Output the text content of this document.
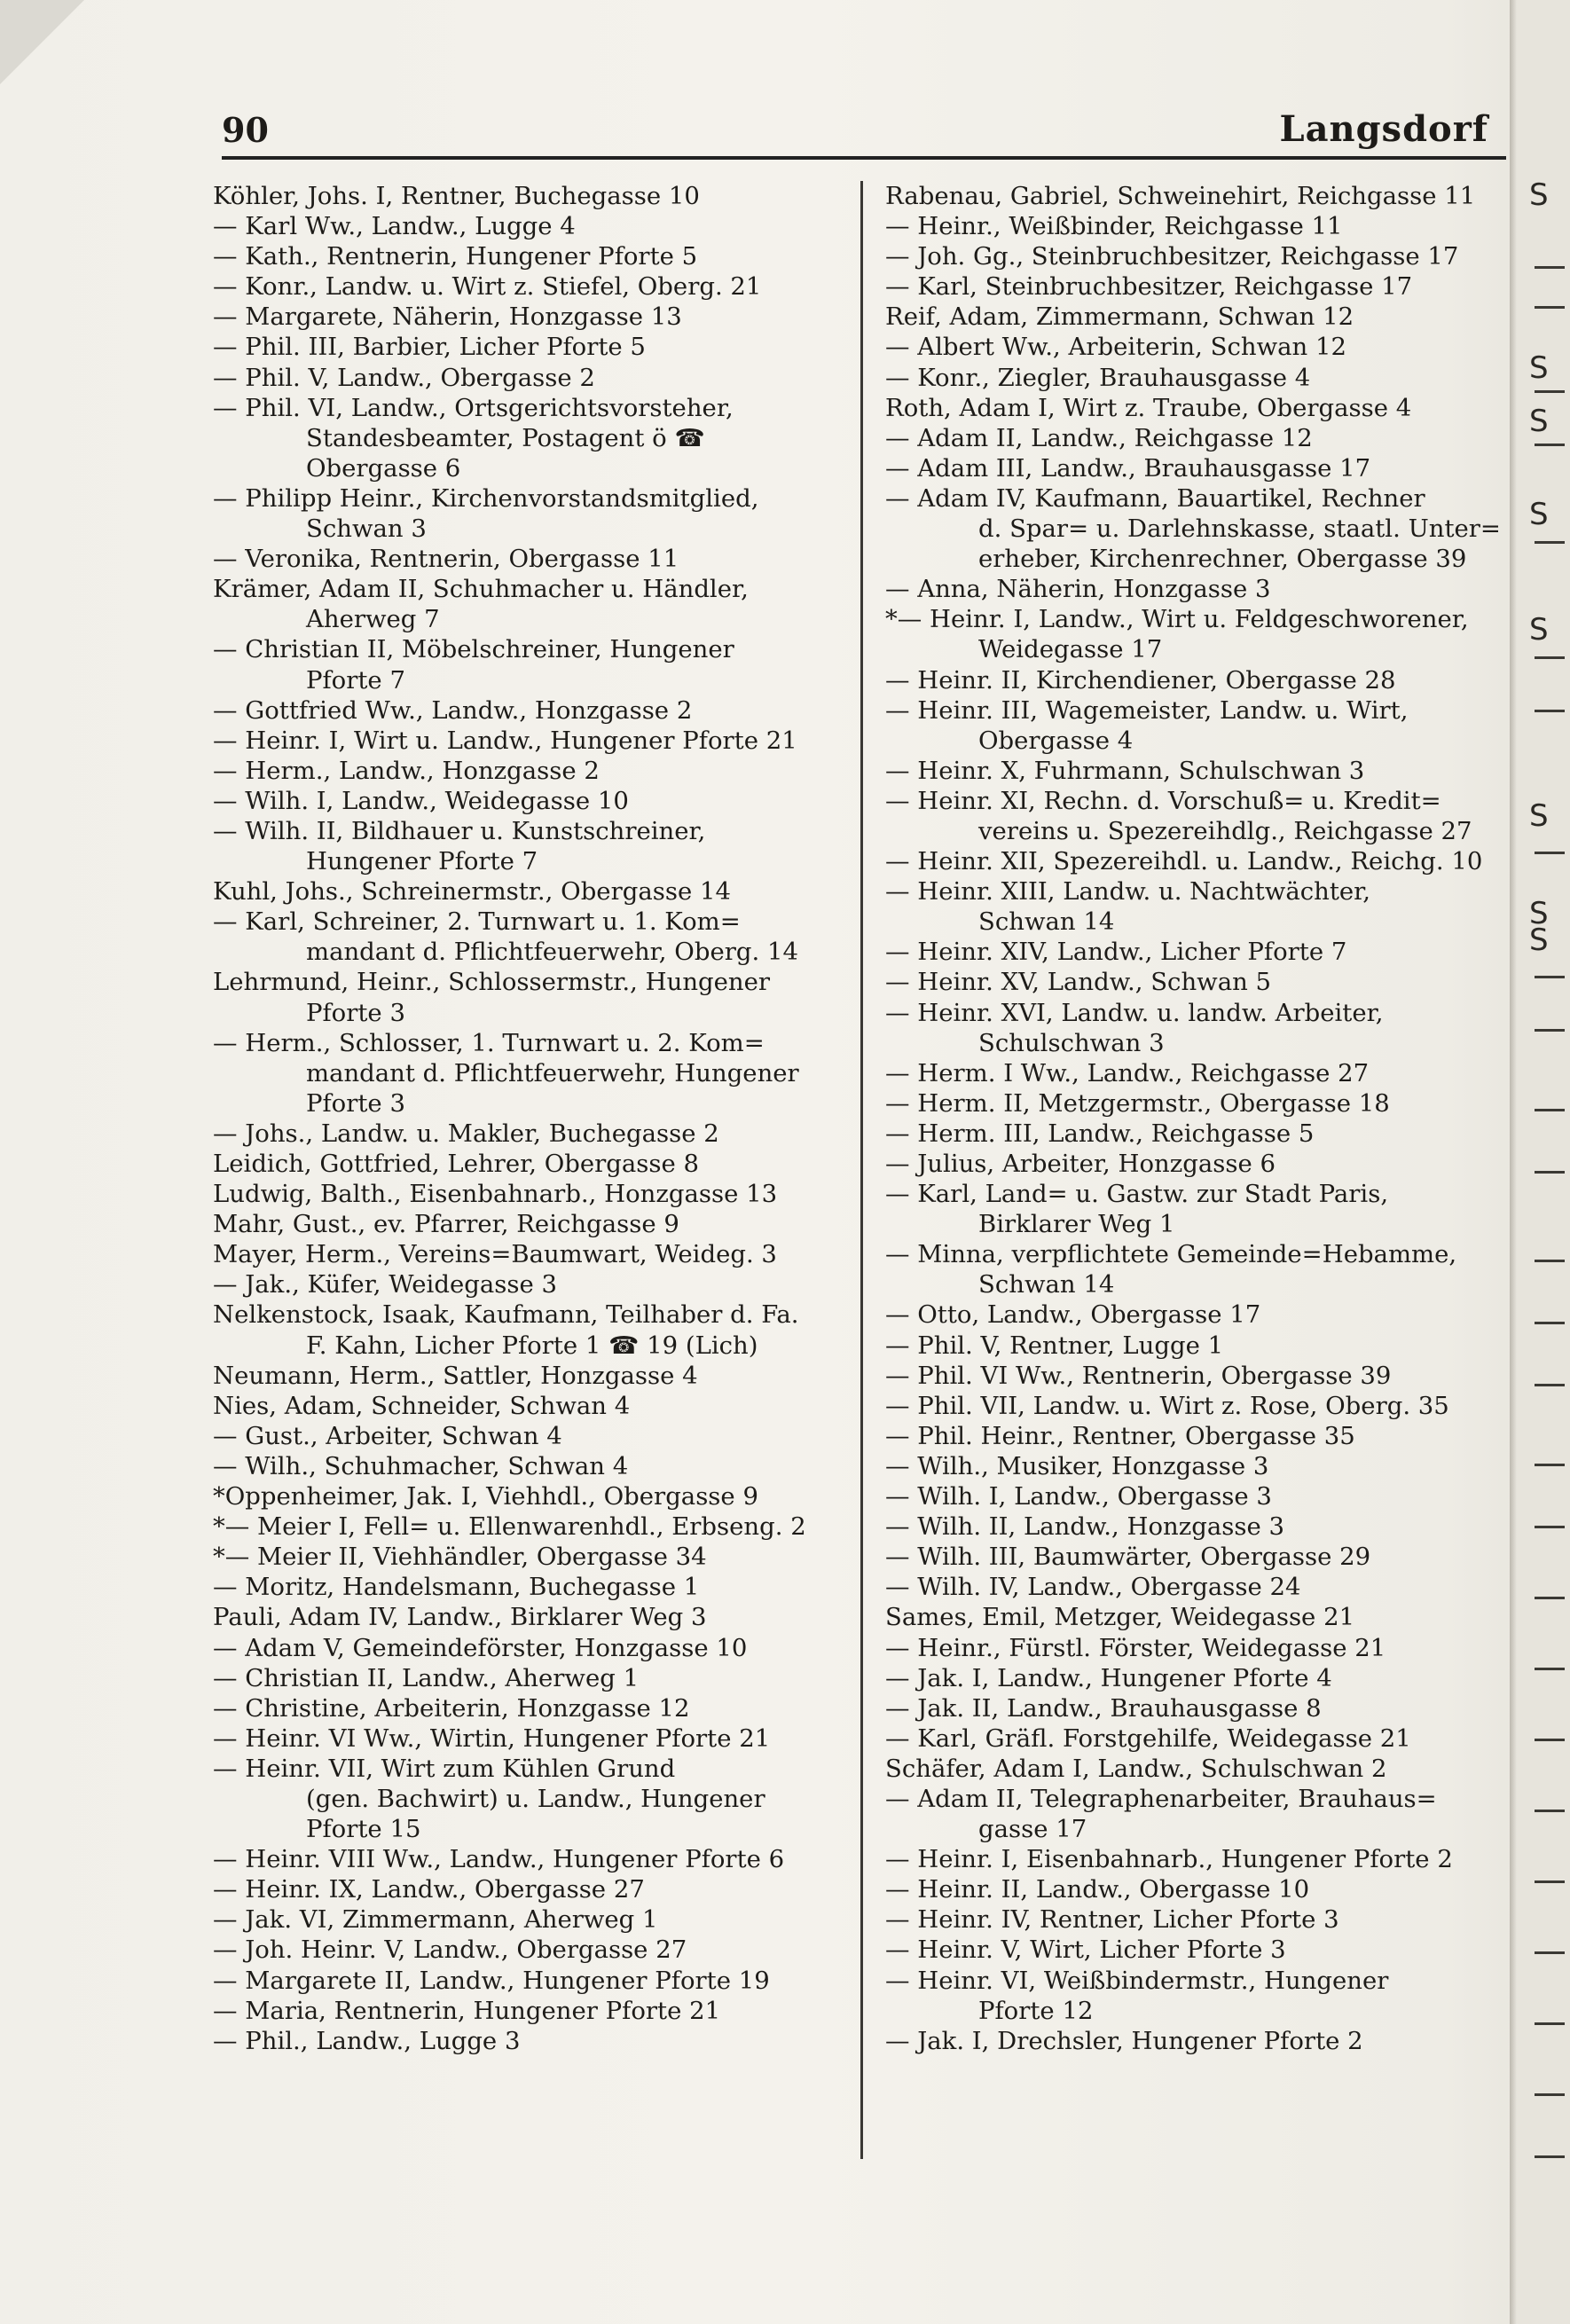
S
S
S
S
S
S
S
S
90	Langsdorf
Köhler, Johs. I, Rentner, Buchegasse 10
— Karl Ww., Landw., Lugge 4
— Kath., Rentnerin, Hungener Pforte 5
— Konr., Landw. u. Wirt z. Stiefel, Oberg. 21
— Margarete, Näherin, Honzgasse 13
— Phil. III, Barbier, Licher Pforte 5
— Phil. V, Landw., Obergasse 2
— Phil. VI, Landw., Ortsgerichtsvorsteher,
Standesbeamter, Postagent ö ☎
Obergasse 6
— Philipp Heinr., Kirchenvorstandsmitglied,
Schwan 3
— Veronika, Rentnerin, Obergasse 11
Krämer, Adam II, Schuhmacher u. Händler,
Aherweg 7
— Christian II, Möbelschreiner, Hungener
Pforte 7
— Gottfried Ww., Landw., Honzgasse 2
— Heinr. I, Wirt u. Landw., Hungener Pforte 21
— Herm., Landw., Honzgasse 2
— Wilh. I, Landw., Weidegasse 10
— Wilh. II, Bildhauer u. Kunstschreiner,
Hungener Pforte 7
Kuhl, Johs., Schreinermstr., Obergasse 14
— Karl, Schreiner, 2. Turnwart u. 1. Kom=
mandant d. Pflichtfeuerwehr, Oberg. 14
Lehrmund, Heinr., Schlossermstr., Hungener
Pforte 3
— Herm., Schlosser, 1. Turnwart u. 2. Kom=
mandant d. Pflichtfeuerwehr, Hungener
Pforte 3
— Johs., Landw. u. Makler, Buchegasse 2
Leidich, Gottfried, Lehrer, Obergasse 8
Ludwig, Balth., Eisenbahnarb., Honzgasse 13
Mahr, Gust., ev. Pfarrer, Reichgasse 9
Mayer, Herm., Vereins=Baumwart, Weideg. 3
— Jak., Küfer, Weidegasse 3
Nelkenstock, Isaak, Kaufmann, Teilhaber d. Fa.
F. Kahn, Licher Pforte 1 ☎ 19 (Lich)
Neumann, Herm., Sattler, Honzgasse 4
Nies, Adam, Schneider, Schwan 4
— Gust., Arbeiter, Schwan 4
— Wilh., Schuhmacher, Schwan 4
*Oppenheimer, Jak. I, Viehhdl., Obergasse 9
*— Meier I, Fell= u. Ellenwarenhdl., Erbseng. 2
*— Meier II, Viehhändler, Obergasse 34
— Moritz, Handelsmann, Buchegasse 1
Pauli, Adam IV, Landw., Birklarer Weg 3
— Adam V, Gemeindeförster, Honzgasse 10
— Christian II, Landw., Aherweg 1
— Christine, Arbeiterin, Honzgasse 12
— Heinr. VI Ww., Wirtin, Hungener Pforte 21
— Heinr. VII, Wirt zum Kühlen Grund
(gen. Bachwirt) u. Landw., Hungener
Pforte 15
— Heinr. VIII Ww., Landw., Hungener Pforte 6
— Heinr. IX, Landw., Obergasse 27
— Jak. VI, Zimmermann, Aherweg 1
— Joh. Heinr. V, Landw., Obergasse 27
— Margarete II, Landw., Hungener Pforte 19
— Maria, Rentnerin, Hungener Pforte 21
— Phil., Landw., Lugge 3
Rabenau, Gabriel, Schweinehirt, Reichgasse 11
— Heinr., Weißbinder, Reichgasse 11
— Joh. Gg., Steinbruchbesitzer, Reichgasse 17
— Karl, Steinbruchbesitzer, Reichgasse 17
Reif, Adam, Zimmermann, Schwan 12
— Albert Ww., Arbeiterin, Schwan 12
— Konr., Ziegler, Brauhausgasse 4
Roth, Adam I, Wirt z. Traube, Obergasse 4
— Adam II, Landw., Reichgasse 12
— Adam III, Landw., Brauhausgasse 17
— Adam IV, Kaufmann, Bauartikel, Rechner
d. Spar= u. Darlehnskasse, staatl. Unter=
erheber, Kirchenrechner, Obergasse 39
— Anna, Näherin, Honzgasse 3
*— Heinr. I, Landw., Wirt u. Feldgeschworener,
Weidegasse 17
— Heinr. II, Kirchendiener, Obergasse 28
— Heinr. III, Wagemeister, Landw. u. Wirt,
Obergasse 4
— Heinr. X, Fuhrmann, Schulschwan 3
— Heinr. XI, Rechn. d. Vorschuß= u. Kredit=
vereins u. Spezereihdlg., Reichgasse 27
— Heinr. XII, Spezereihdl. u. Landw., Reichg. 10
— Heinr. XIII, Landw. u. Nachtwächter,
Schwan 14
— Heinr. XIV, Landw., Licher Pforte 7
— Heinr. XV, Landw., Schwan 5
— Heinr. XVI, Landw. u. landw. Arbeiter,
Schulschwan 3
— Herm. I Ww., Landw., Reichgasse 27
— Herm. II, Metzgermstr., Obergasse 18
— Herm. III, Landw., Reichgasse 5
— Julius, Arbeiter, Honzgasse 6
— Karl, Land= u. Gastw. zur Stadt Paris,
Birklarer Weg 1
— Minna, verpflichtete Gemeinde=Hebamme,
Schwan 14
— Otto, Landw., Obergasse 17
— Phil. V, Rentner, Lugge 1
— Phil. VI Ww., Rentnerin, Obergasse 39
— Phil. VII, Landw. u. Wirt z. Rose, Oberg. 35
— Phil. Heinr., Rentner, Obergasse 35
— Wilh., Musiker, Honzgasse 3
— Wilh. I, Landw., Obergasse 3
— Wilh. II, Landw., Honzgasse 3
— Wilh. III, Baumwärter, Obergasse 29
— Wilh. IV, Landw., Obergasse 24
Sames, Emil, Metzger, Weidegasse 21
— Heinr., Fürstl. Förster, Weidegasse 21
— Jak. I, Landw., Hungener Pforte 4
— Jak. II, Landw., Brauhausgasse 8
— Karl, Gräfl. Forstgehilfe, Weidegasse 21
Schäfer, Adam I, Landw., Schulschwan 2
— Adam II, Telegraphenarbeiter, Brauhaus=
gasse 17
— Heinr. I, Eisenbahnarb., Hungener Pforte 2
— Heinr. II, Landw., Obergasse 10
— Heinr. IV, Rentner, Licher Pforte 3
— Heinr. V, Wirt, Licher Pforte 3
— Heinr. VI, Weißbindermstr., Hungener
Pforte 12
— Jak. I, Drechsler, Hungener Pforte 2
